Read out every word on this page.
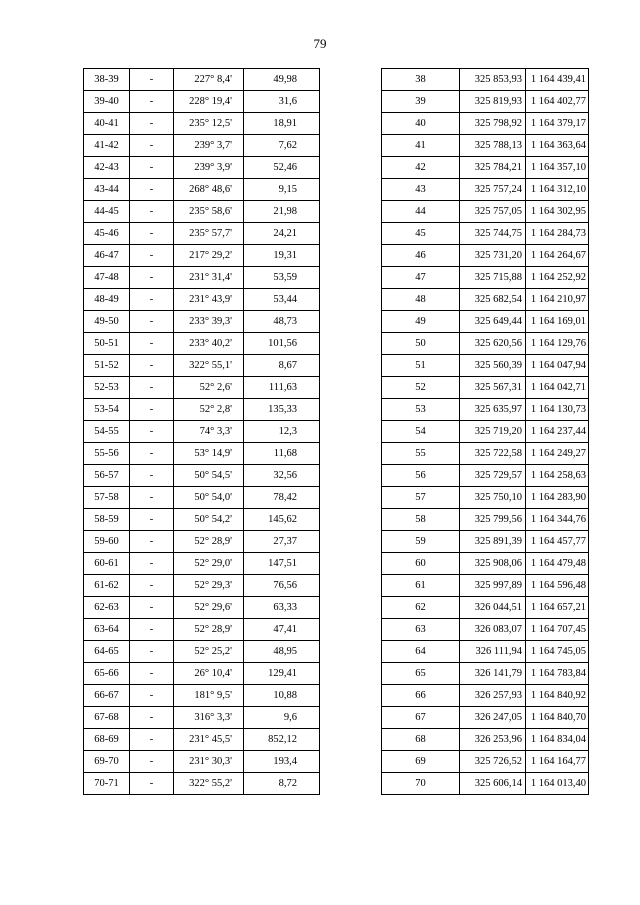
79
38-39	-	227° 8,4'	49,98
39-40	-	228° 19,4'	31,6
40-41	-	235° 12,5'	18,91
41-42	-	239° 3,7'	7,62
42-43	-	239° 3,9'	52,46
43-44	-	268° 48,6'	9,15
44-45	-	235° 58,6'	21,98
45-46	-	235° 57,7'	24,21
46-47	-	217° 29,2'	19,31
47-48	-	231° 31,4'	53,59
48-49	-	231° 43,9'	53,44
49-50	-	233° 39,3'	48,73
50-51	-	233° 40,2'	101,56
51-52	-	322° 55,1'	8,67
52-53	-	52° 2,6'	111,63
53-54	-	52° 2,8'	135,33
54-55	-	74° 3,3'	12,3
55-56	-	53° 14,9'	11,68
56-57	-	50° 54,5'	32,56
57-58	-	50° 54,0'	78,42
58-59	-	50° 54,2'	145,62
59-60	-	52° 28,9'	27,37
60-61	-	52° 29,0'	147,51
61-62	-	52° 29,3'	76,56
62-63	-	52° 29,6'	63,33
63-64	-	52° 28,9'	47,41
64-65	-	52° 25,2'	48,95
65-66	-	26° 10,4'	129,41
66-67	-	181° 9,5'	10,88
67-68	-	316° 3,3'	9,6
68-69	-	231° 45,5'	852,12
69-70	-	231° 30,3'	193,4
70-71	-	322° 55,2'	8,72
38	325 853,93	1 164 439,41
39	325 819,93	1 164 402,77
40	325 798,92	1 164 379,17
41	325 788,13	1 164 363,64
42	325 784,21	1 164 357,10
43	325 757,24	1 164 312,10
44	325 757,05	1 164 302,95
45	325 744,75	1 164 284,73
46	325 731,20	1 164 264,67
47	325 715,88	1 164 252,92
48	325 682,54	1 164 210,97
49	325 649,44	1 164 169,01
50	325 620,56	1 164 129,76
51	325 560,39	1 164 047,94
52	325 567,31	1 164 042,71
53	325 635,97	1 164 130,73
54	325 719,20	1 164 237,44
55	325 722,58	1 164 249,27
56	325 729,57	1 164 258,63
57	325 750,10	1 164 283,90
58	325 799,56	1 164 344,76
59	325 891,39	1 164 457,77
60	325 908,06	1 164 479,48
61	325 997,89	1 164 596,48
62	326 044,51	1 164 657,21
63	326 083,07	1 164 707,45
64	326 111,94	1 164 745,05
65	326 141,79	1 164 783,84
66	326 257,93	1 164 840,92
67	326 247,05	1 164 840,70
68	326 253,96	1 164 834,04
69	325 726,52	1 164 164,77
70	325 606,14	1 164 013,40
